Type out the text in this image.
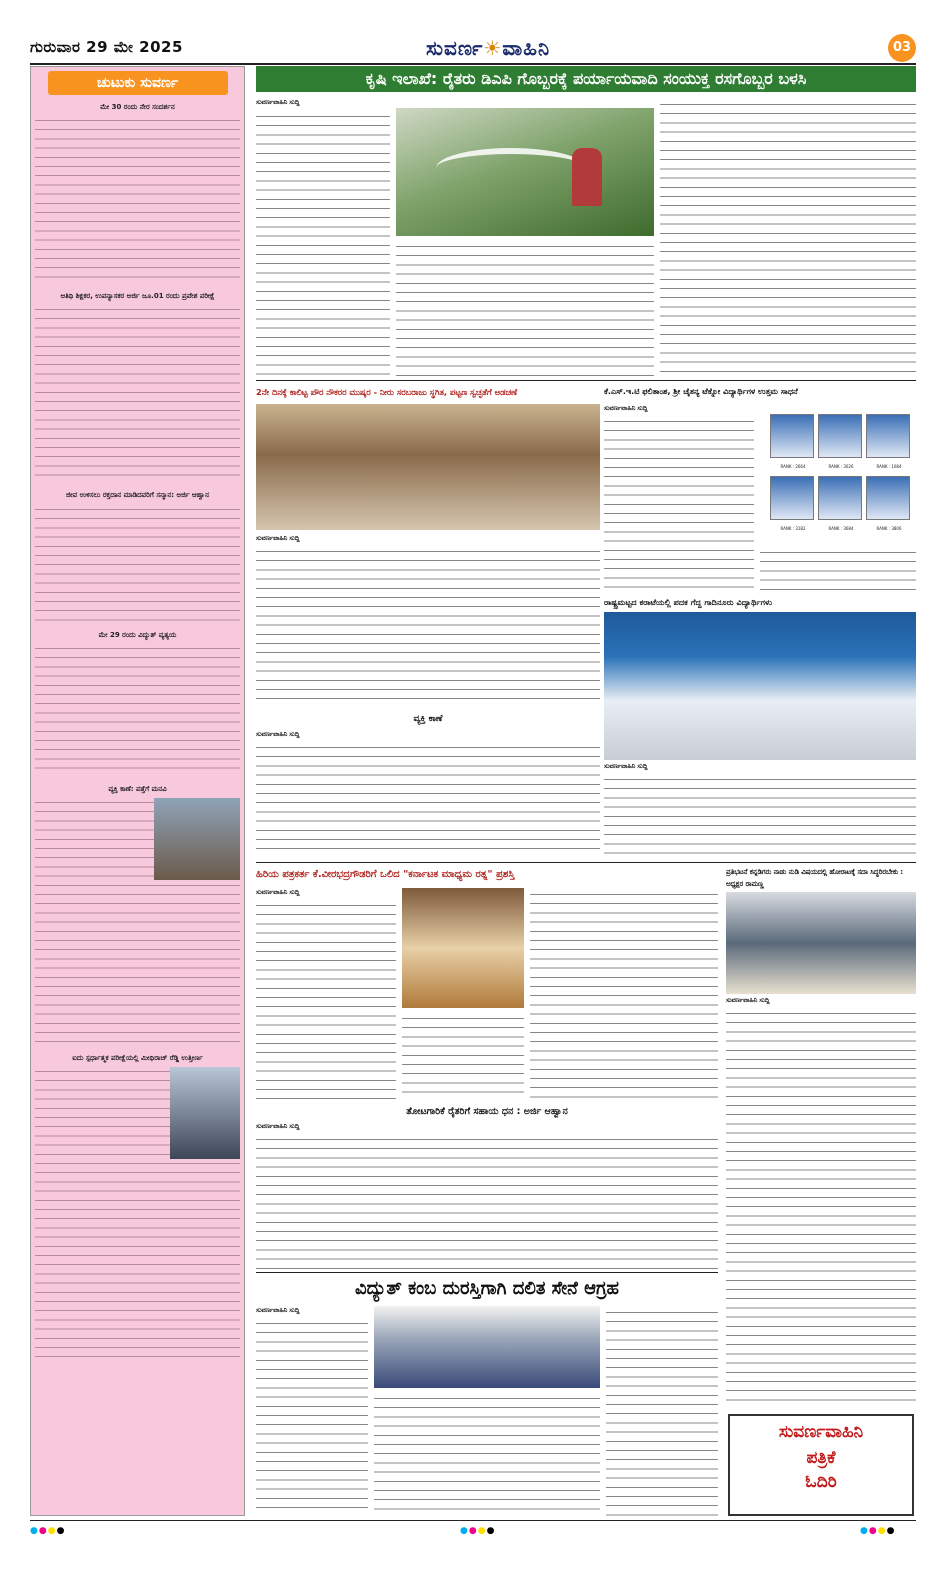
ಗುರುವಾರ 29 ಮೇ 2025	ಸುವರ್ಣ☀ವಾಹಿನಿ	03
ಚುಟುಕು ಸುವರ್ಣ
ಮೇ 30 ರಂದು ನೇರ ಸಂದರ್ಶನ
ಆತಿಥಿ ಶಿಕ್ಷಕರ, ಉಪನ್ಯಾಸಕರ ಅರ್ಜಿ ಜೂ.01 ರಂದು ಪ್ರವೇಶ ಪರೀಕ್ಷೆ
ಜೀವ ಉಳಿಸಲು ರಕ್ತದಾನ ಮಾಡಿದವರಿಗೆ ಸನ್ಮಾನ: ಅರ್ಜಿ ಆಹ್ವಾನ
ಮೇ 29 ರಂದು ವಿದ್ಯುತ್ ವ್ಯತ್ಯಯ
ವ್ಯಕ್ತಿ ಕಾಣೆ: ಪತ್ತೆಗೆ ಮನವಿ
ಐದು ಸ್ಪರ್ಧಾತ್ಮಕ ಪರೀಕ್ಷೆಯಲ್ಲಿ ಮೀಥಿರಾಜ್ ರೆಡ್ಡಿ ಉತ್ತೀರ್ಣ
ಕೃಷಿ ಇಲಾಖೆ: ರೈತರು ಡಿಎಪಿ ಗೊಬ್ಬರಕ್ಕೆ ಪರ್ಯಾಯವಾದಿ ಸಂಯುಕ್ತ ರಸಗೊಬ್ಬರ ಬಳಸಿ
ಸುವರ್ಣವಾಹಿನಿ ಸುದ್ದಿ
2ನೇ ದಿನಕ್ಕೆ ಕಾಲಿಟ್ಟ ಪೌರ ನೌಕರರ ಮುಷ್ಕರ - ನೀರು ಸರಬರಾಜು ಸ್ಥಗಿತ, ಪಟ್ಟಣ ಸ್ವಚ್ಛತೆಗೆ ಅಡಚಣೆ
ಸುವರ್ಣವಾಹಿನಿ ಸುದ್ದಿ
ಕೆ.ಎಸ್.ಇ.ಟಿ ಫಲಿತಾಂಶ, ಶ್ರೀ ಚೈತನ್ಯ ಟೆಕ್ನೋ ವಿದ್ಯಾರ್ಥಿಗಳ ಉತ್ತಮ ಸಾಧನೆ
ಸುವರ್ಣವಾಹಿನಿ ಸುದ್ದಿ
RANK : 2664	RANK : 3026	RANK : 1084
RANK : 3182	RANK : 3684	RANK : 3806
ರಾಷ್ಟ್ರಮಟ್ಟದ ಕರಾಟೆಯಲ್ಲಿ ಪದಕ ಗೆದ್ದ ಗಾದಿನೂರು ವಿದ್ಯಾರ್ಥಿಗಳು
ಸುವರ್ಣವಾಹಿನಿ ಸುದ್ದಿ
ವ್ಯಕ್ತಿ ಕಾಣೆ
ಸುವರ್ಣವಾಹಿನಿ ಸುದ್ದಿ
ಹಿರಿಯ ಪತ್ರಕರ್ತ ಕೆ.ವೀರಭದ್ರಗೌಡರಿಗೆ ಒಲಿದ "ಕರ್ನಾಟಕ ಮಾಧ್ಯಮ ರತ್ನ" ಪ್ರಶಸ್ತಿ
ಸುವರ್ಣವಾಹಿನಿ ಸುದ್ದಿ
ಪ್ರತಿಭಟನೆ ಕನ್ನಡಿಗರು ನಾಡು ನುಡಿ ವಿಷಯದಲ್ಲಿ ಹೋರಾಟಕ್ಕೆ ಸದಾ ಸಿದ್ಧರಿರಬೇಕು : ಅಧ್ಯಕ್ಷರ ರಾಮಣ್ಣ
ಸುವರ್ಣವಾಹಿನಿ ಸುದ್ದಿ
ತೋಟಗಾರಿಕೆ ರೈತರಿಗೆ ಸಹಾಯ ಧನ : ಅರ್ಜಿ ಆಹ್ವಾನ
ಸುವರ್ಣವಾಹಿನಿ ಸುದ್ದಿ
ವಿದ್ಯುತ್ ಕಂಬ ದುರಸ್ತಿಗಾಗಿ ದಲಿತ ಸೇನೆ ಆಗ್ರಹ
ಸುವರ್ಣವಾಹಿನಿ ಸುದ್ದಿ
ಸುವರ್ಣವಾಹಿನಿ
ಪತ್ರಿಕೆ
ಓದಿರಿ
●●●●	●●●●	●●●●
